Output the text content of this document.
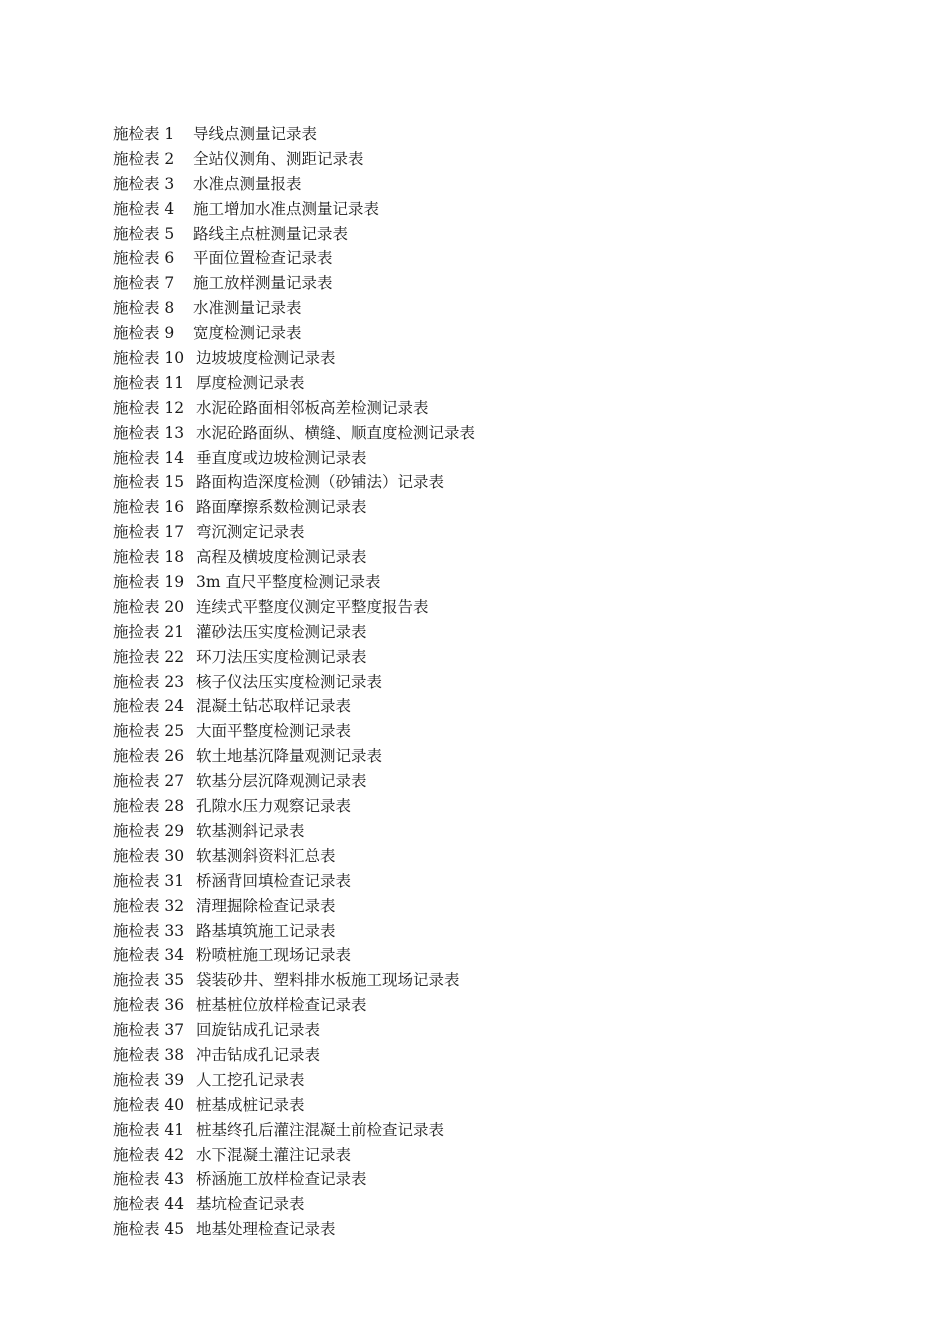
施检表 1	导线点测量记录表
施检表 2	全站仪测角、测距记录表
施检表 3	水准点测量报表
施检表 4	施工增加水准点测量记录表
施检表 5	路线主点桩测量记录表
施检表 6	平面位置检查记录表
施检表 7	施工放样测量记录表
施检表 8	水准测量记录表
施检表 9	宽度检测记录表
施检表 10 边坡坡度检测记录表
施检表 11 厚度检测记录表
施检表 12 水泥砼路面相邻板高差检测记录表
施检表 13 水泥砼路面纵、横缝、顺直度检测记录表
施检表 14 垂直度或边坡检测记录表
施检表 15 路面构造深度检测（砂铺法）记录表
施检表 16 路面摩擦系数检测记录表
施检表 17 弯沉测定记录表
施检表 18 高程及横坡度检测记录表
施检表 19 3m 直尺平整度检测记录表
施检表 20 连续式平整度仪测定平整度报告表
施捡表 21 灌砂法压实度检测记录表
施捡表 22 环刀法压实度检测记录表
施检表 23 核子仪法压实度检测记录表
施检表 24 混凝土钻芯取样记录表
施检表 25 大面平整度检测记录表
施检表 26 软土地基沉降量观测记录表
施检表 27 软基分层沉降观测记录表
施检表 28 孔隙水压力观察记录表
施检表 29 软基测斜记录表
施检表 30 软基测斜资料汇总表
施检表 31 桥涵背回填检查记录表
施检表 32 清理掘除检查记录表
施检表 33 路基填筑施工记录表
施检表 34 粉喷桩施工现场记录表
施捡表 35 袋装砂井、塑料排水板施工现场记录表
施检表 36 桩基桩位放样检查记录表
施检表 37 回旋钻成孔记录表
施检表 38 冲击钻成孔记录表
施检表 39 人工挖孔记录表
施检表 40 桩基成桩记录表
施检表 41 桩基终孔后灌注混凝土前检查记录表
施检表 42 水下混凝土灌注记录表
施检表 43 桥涵施工放样检查记录表
施检表 44 基坑检查记录表
施检表 45 地基处理检查记录表
